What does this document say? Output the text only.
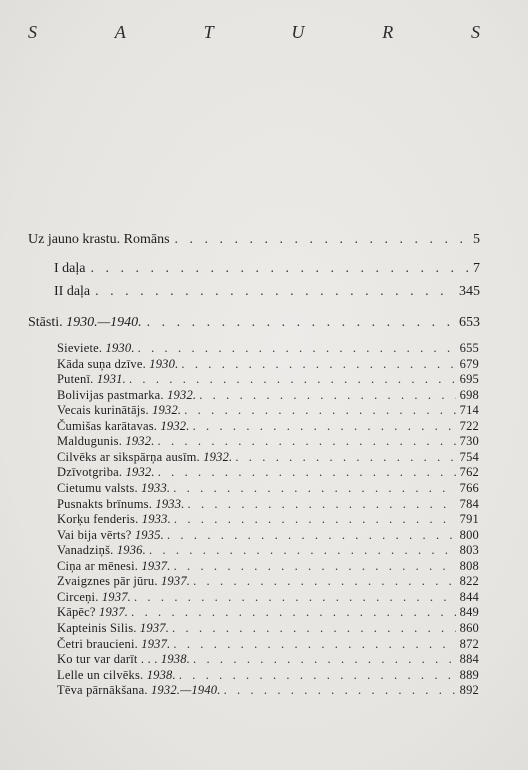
S	A	T	U	R	S
Uz jauno krastu. Romāns . . .	5
I daļa . . .	7
II daļa . . .	345
Stāsti. 1930.—1940. . . .	653
Sieviete. 1930. . . .	655
Kāda suņa dzīve. 1930. . . .	679
Putenī. 1931. . . .	695
Bolivijas pastmarka. 1932. . . .	698
Vecais kurinātājs. 1932. . . .	714
Čumišas karātavas. 1932. . . .	722
Maldugunis. 1932. . . .	730
Cilvēks ar sikspārņa ausīm. 1932. . . .	754
Dzīvotgriba. 1932. . . .	762
Cietumu valsts. 1933. . . .	766
Pusnakts brīnums. 1933. . . .	784
Korķu fenderis. 1933. . . .	791
Vai bija vērts? 1935. . . .	800
Vanadziņš. 1936. . . .	803
Ciņa ar mēnesi. 1937. . . .	808
Zvaigznes pār jūru. 1937. . . .	822
Circeņi. 1937. . . .	844
Kāpēc? 1937. . . .	849
Kapteinis Silis. 1937. . . .	860
Četri braucieni. 1937. . . .	872
Ko tur var darīt . . . 1938. . . .	884
Lelle un cilvēks. 1938. . . .	889
Tēva pārnākšana. 1932.—1940. . . .	892
